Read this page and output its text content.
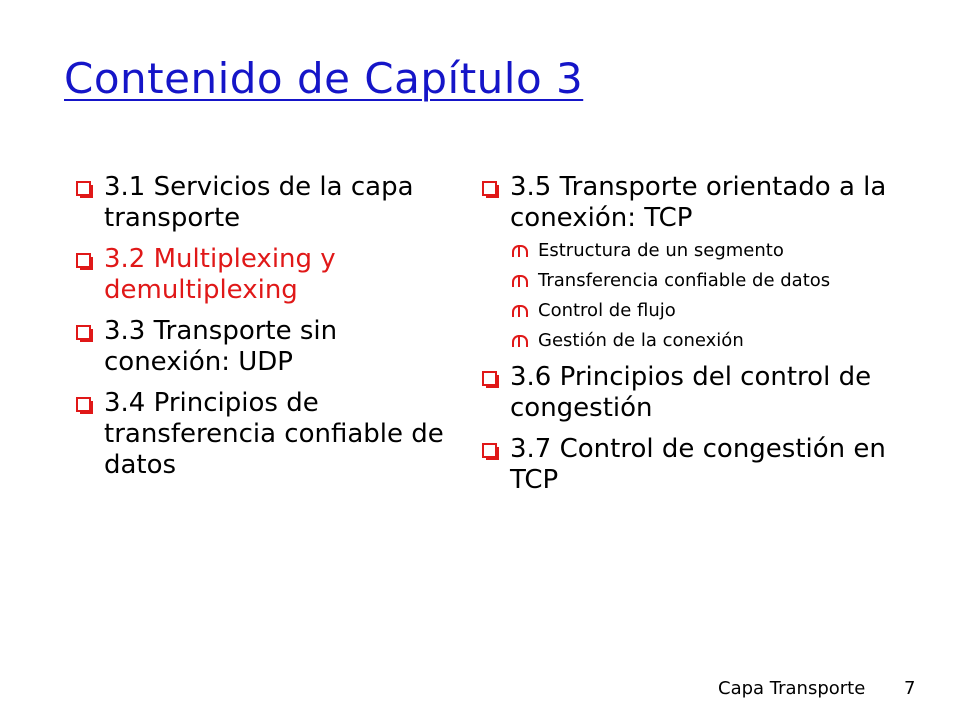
Contenido de Capítulo 3
3.1 Servicios de la capa transporte
3.2 Multiplexing y demultiplexing
3.3 Transporte sin conexión: UDP
3.4 Principios de transferencia confiable de datos
3.5 Transporte orientado a la conexión: TCP
Estructura de un segmento
Transferencia confiable de datos
Control de flujo
Gestión de la conexión
3.6 Principios del control de congestión
3.7 Control de congestión en TCP
Capa Transporte 7
